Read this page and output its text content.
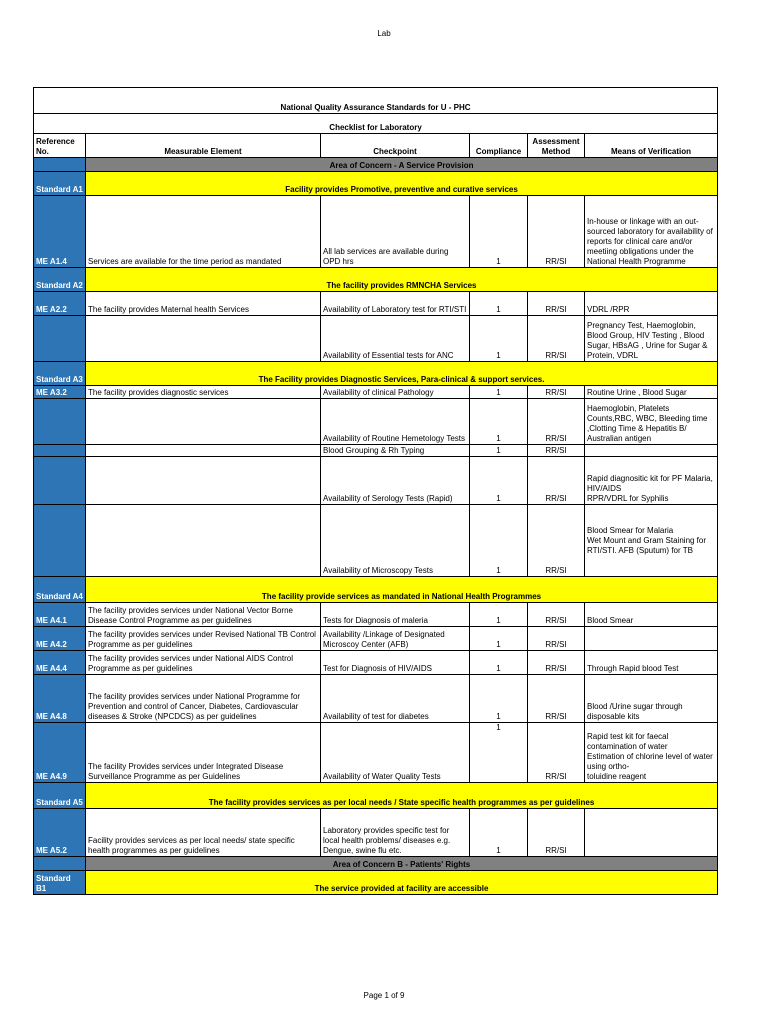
Lab
National Quality Assurance Standards for U - PHC					
Checklist for Laboratory					
Reference No.	Measurable Element	Checkpoint	Compliance	Assessment Method	Means of Verification
	Area of Concern - A Service Provision				
Standard A1	Facility provides Promotive, preventive and curative services				
ME A1.4	Services are available for the time period as mandated	All lab services are available during OPD hrs	1	RR/SI	In-house or linkage with an out-sourced laboratory for availability of reports for clinical care and/or
meetiing obligations under the National Health Programme
Standard A2	The facility provides RMNCHA Services				
ME A2.2	The facility provides Maternal health Services	Availability of Laboratory test for RTI/STI	1	RR/SI	VDRL /RPR
		Availability of Essential tests for ANC	1	RR/SI	Pregnancy Test, Haemoglobin, Blood Group, HIV Testing , Blood Sugar, HBsAG , Urine for Sugar & Protein, VDRL
Standard A3	The Facility provides Diagnostic Services, Para-clinical & support services.				
ME A3.2	The facility provides diagnostic services	Availability of clinical Pathology	1	RR/SI	Routine Urine , Blood Sugar
		Availability of Routine Hemetology Tests	1	RR/SI	Haemoglobin, Platelets Counts,RBC, WBC, Bleeding time ,Clotting Time & Hepatitis B/ Australian antigen
		Blood Grouping & Rh Typing	1	RR/SI	
		Availability of Serology Tests (Rapid)	1	RR/SI	Rapid diagnositic kit for PF Malaria, HIV/AIDS
RPR/VDRL for Syphilis
		Availability of Microscopy Tests	1	RR/SI	Blood Smear for Malaria
Wet Mount and Gram Staining for RTI/STI. AFB (Sputum) for TB
Standard A4	The facility provide services as mandated in National Health Programmes				
ME A4.1	The facility provides services under National Vector Borne Disease Control Programme as per guidelines	Tests for Diagnosis of maleria	1	RR/SI	Blood Smear
ME A4.2	The facility provides services under Revised National TB Control Programme as per guidelines	Availability /Linkage of Designated Microscoy Center (AFB)	1	RR/SI	
ME A4.4	The facility provides services under National AIDS Control Programme as per guidelines	Test for Diagnosis of HIV/AIDS	1	RR/SI	Through Rapid blood Test
ME A4.8	The facility provides services under National Programme for Prevention and control of Cancer, Diabetes, Cardiovascular diseases & Stroke (NPCDCS) as per guidelines	Availability of test for diabetes	1	RR/SI	Blood /Urine sugar through disposable kits
ME A4.9	The facility Provides services under Integrated Disease Surveillance Programme as per Guidelines	Availability of Water Quality Tests	1	RR/SI	Rapid test kit for faecal contamination of water
Estimation of chlorine level of water using ortho-
toluidine reagent
Standard A5	The facility provides services as per local needs / State specific health programmes as per guidelines				
ME A5.2	Facility provides services as per local needs/ state specific health programmes as per guidelines	Laboratory provides specific test for local health problems/ diseases e.g. Dengue, swine flu etc.	1	RR/SI	
	Area of Concern B - Patients' Rights				
Standard B1	The service provided at facility are accessible				
Page 1 of 9
